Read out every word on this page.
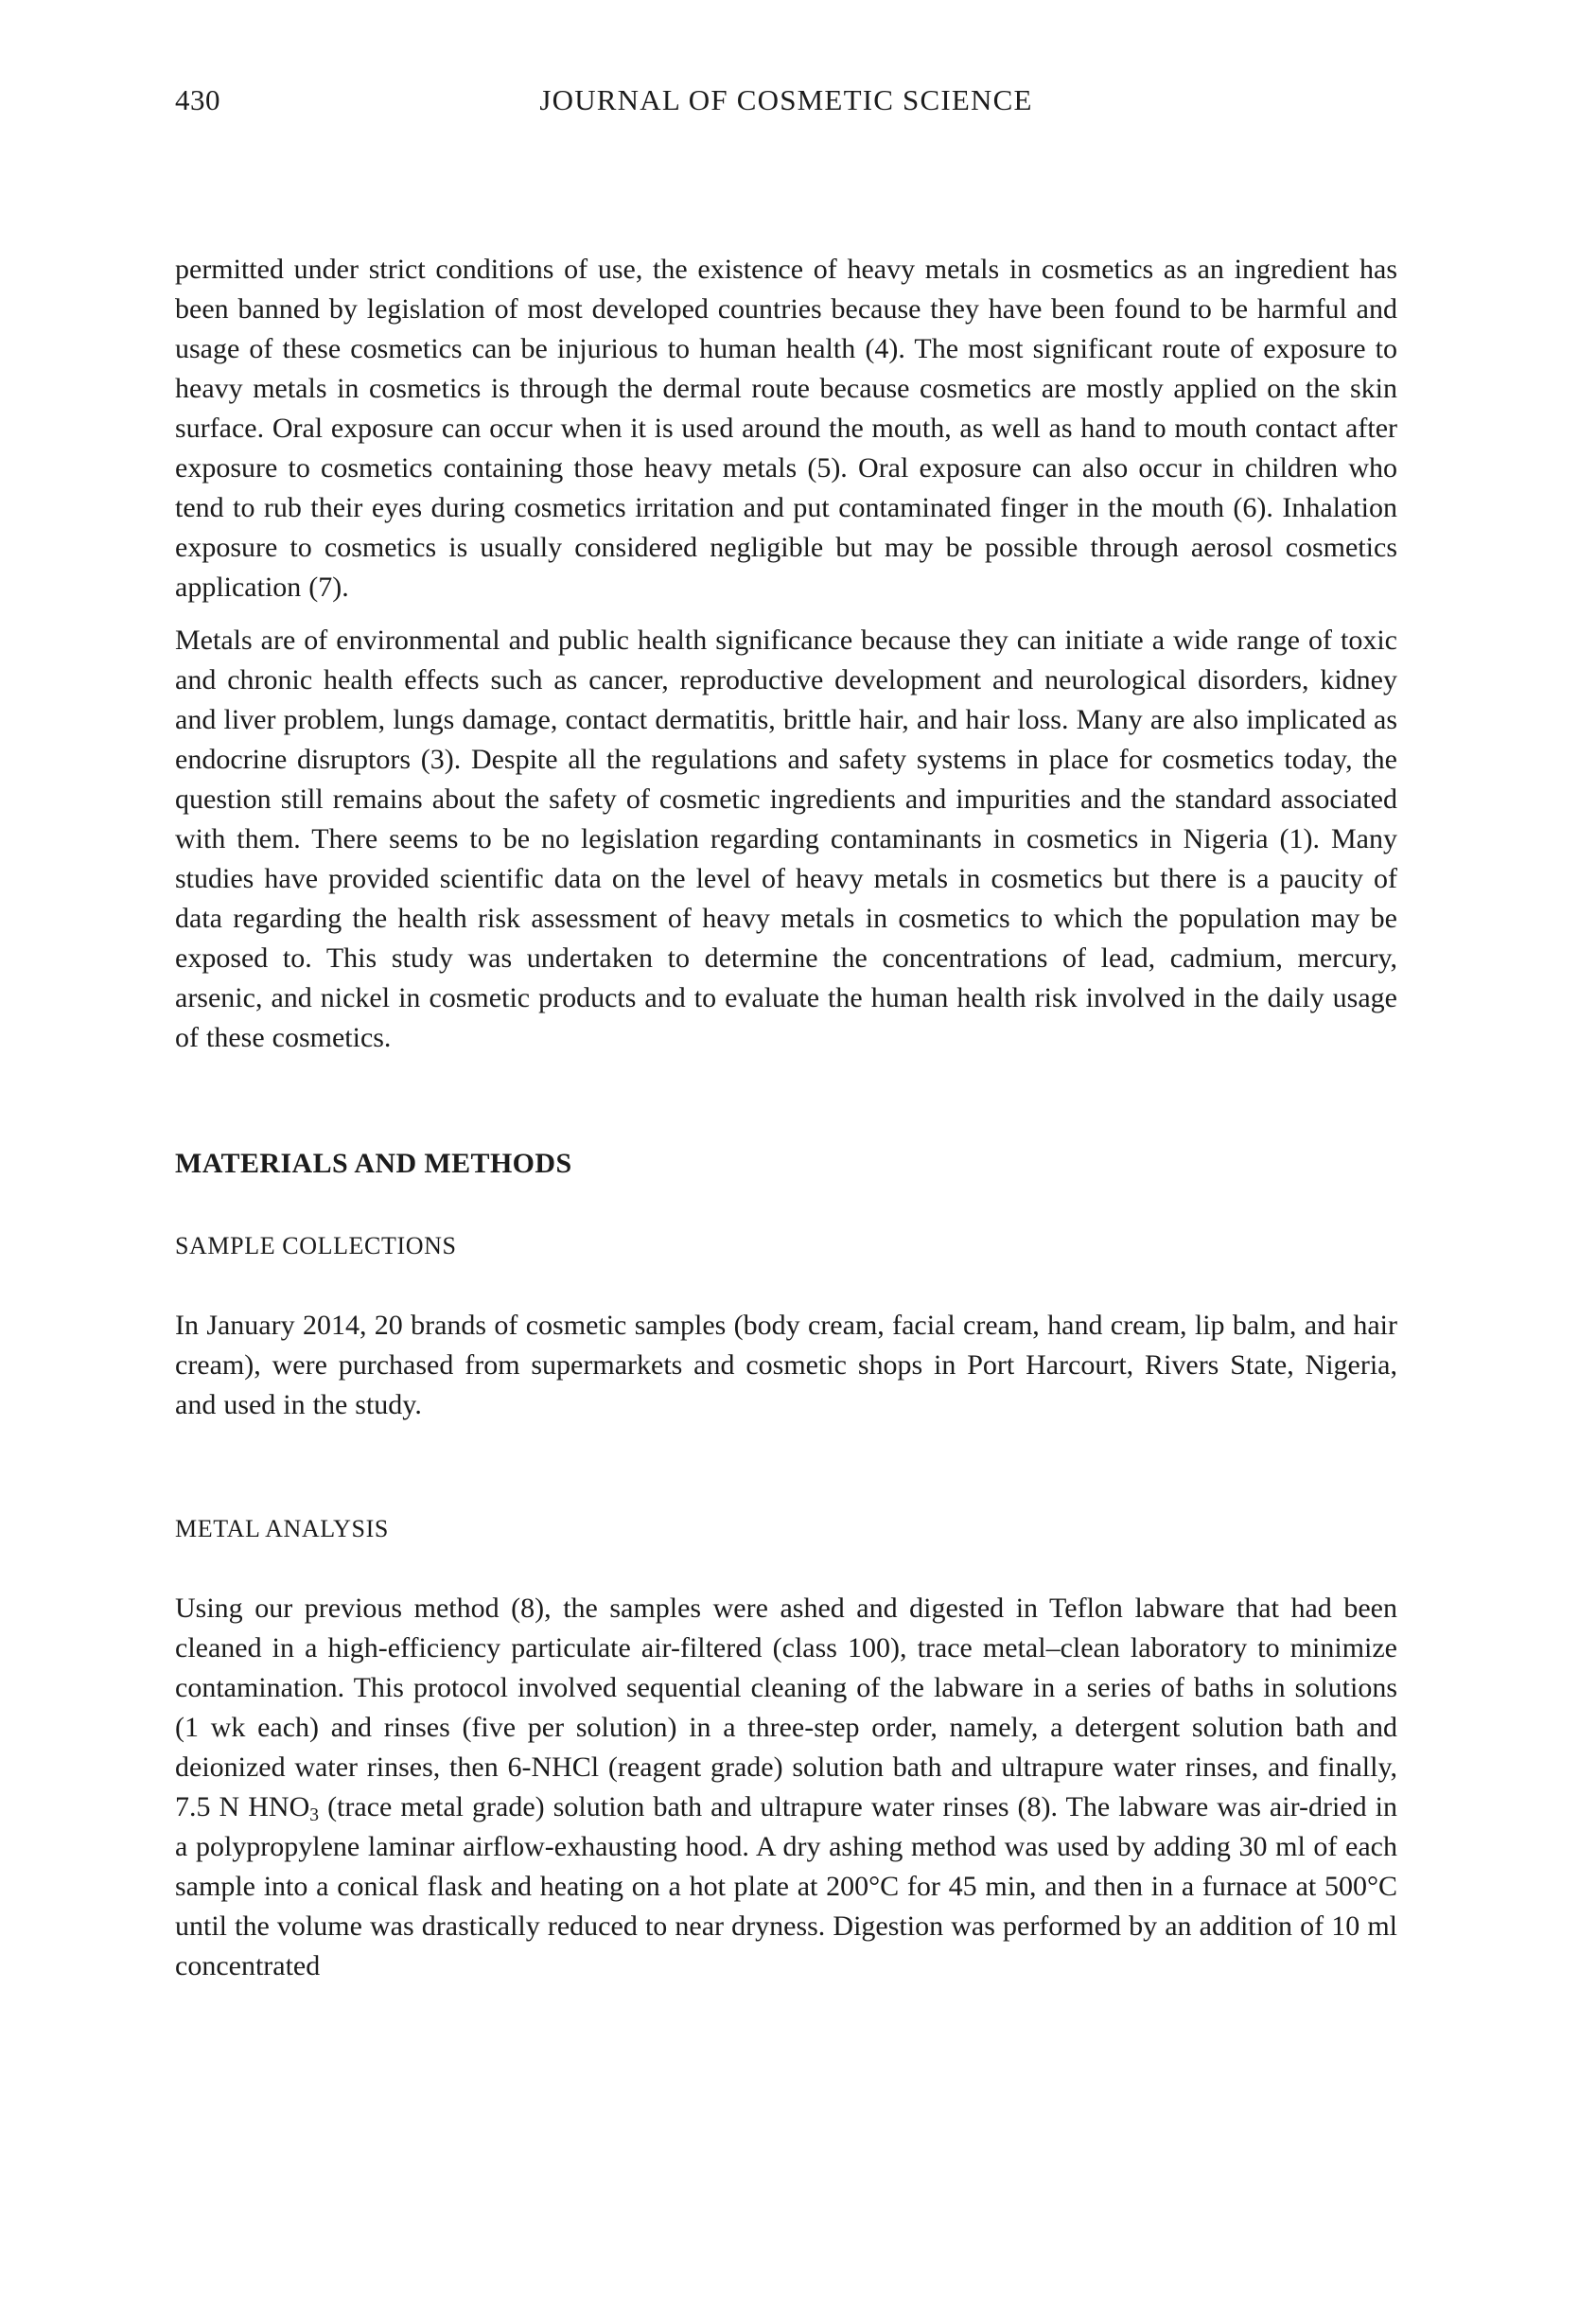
430	JOURNAL OF COSMETIC SCIENCE

permitted under strict conditions of use, the existence of heavy metals in cosmetics as an ingredient has been banned by legislation of most developed countries because they have been found to be harmful and usage of these cosmetics can be injurious to human health (4). The most significant route of exposure to heavy metals in cosmetics is through the dermal route because cosmetics are mostly applied on the skin surface. Oral exposure can occur when it is used around the mouth, as well as hand to mouth contact after exposure to cosmetics containing those heavy metals (5). Oral exposure can also occur in children who tend to rub their eyes during cosmetics irritation and put contaminated finger in the mouth (6). Inhalation exposure to cosmetics is usually considered negligible but may be possible through aerosol cosmetics application (7).

Metals are of environmental and public health significance because they can initiate a wide range of toxic and chronic health effects such as cancer, reproductive development and neurological disorders, kidney and liver problem, lungs damage, contact dermatitis, brittle hair, and hair loss. Many are also implicated as endocrine disruptors (3). Despite all the regulations and safety systems in place for cosmetics today, the question still remains about the safety of cosmetic ingredients and impurities and the standard associated with them. There seems to be no legislation regarding contaminants in cosmetics in Nigeria (1). Many studies have provided scientific data on the level of heavy metals in cosmetics but there is a paucity of data regarding the health risk assessment of heavy metals in cosmetics to which the population may be exposed to. This study was undertaken to determine the concentrations of lead, cadmium, mercury, arsenic, and nickel in cosmetic products and to evaluate the human health risk involved in the daily usage of these cosmetics.

MATERIALS AND METHODS
SAMPLE COLLECTIONS

In January 2014, 20 brands of cosmetic samples (body cream, facial cream, hand cream, lip balm, and hair cream), were purchased from supermarkets and cosmetic shops in Port Harcourt, Rivers State, Nigeria, and used in the study.

METAL ANALYSIS

Using our previous method (8), the samples were ashed and digested in Teflon labware that had been cleaned in a high-efficiency particulate air-filtered (class 100), trace metal–clean laboratory to minimize contamination. This protocol involved sequential cleaning of the labware in a series of baths in solutions (1 wk each) and rinses (five per solution) in a three-step order, namely, a detergent solution bath and deionized water rinses, then 6-NHCl (reagent grade) solution bath and ultrapure water rinses, and finally, 7.5 N $HNO_3$ (trace metal grade) solution bath and ultrapure water rinses (8). The labware was air-dried in a polypropylene laminar airflow-exhausting hood. A dry ashing method was used by adding 30 ml of each sample into a conical flask and heating on a hot plate at 200°C for 45 min, and then in a furnace at 500°C until the volume was drastically reduced to near dryness. Digestion was performed by an addition of 10 ml concentrated
